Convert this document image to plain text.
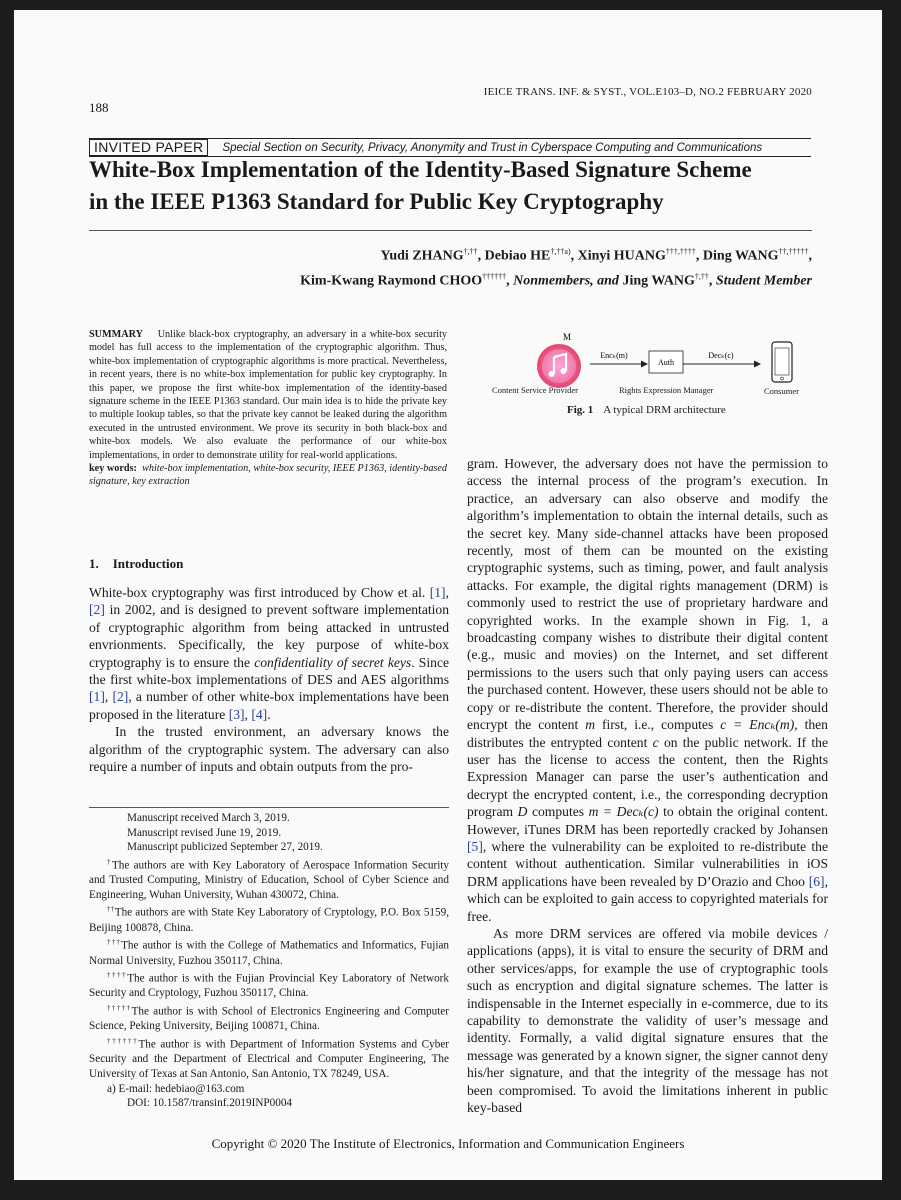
188
IEICE TRANS. INF. & SYST., VOL.E103–D, NO.2 FEBRUARY 2020
INVITED PAPER	Special Section on Security, Privacy, Anonymity and Trust in Cyberspace Computing and Communications
White-Box Implementation of the Identity-Based Signature Scheme
in the IEEE P1363 Standard for Public Key Cryptography
Yudi ZHANG†,††, Debiao $HE^{\dagger,\dagger\dagger a)}$, Xinyi HUANG†††,††††, Ding WANG††,†††††,
Kim-Kwang Raymond CHOO††††††, Nonmembers, and Jing WANG†,††, Student Member
SUMMARY Unlike black-box cryptography, an adversary in a white-box security model has full access to the implementation of the cryptographic algorithm. Thus, white-box implementation of cryptographic algorithms is more practical. Nevertheless, in recent years, there is no white-box implementation for public key cryptography. In this paper, we propose the first white-box implementation of the identity-based signature scheme in the IEEE P1363 standard. Our main idea is to hide the private key to multiple lookup tables, so that the private key cannot be leaked during the algorithm executed in the untrusted environment. We prove its security in both black-box and white-box models. We also evaluate the performance of our white-box implementations, in order to demonstrate utility for real-world applications.
key words: white-box implementation, white-box security, IEEE P1363, identity-based signature, key extraction
M
Encₖ(m)
Auth
Decₖ(c)
Content Service Provider	Rights Expression Manager	Consumer
Fig. 1 A typical DRM architecture
1. Introduction

White-box cryptography was first introduced by Chow et al. [1], [2] in 2002, and is designed to prevent software implementation of cryptographic algorithm from being attacked in untrusted envrionments. Specifically, the key purpose of white-box cryptography is to ensure the confidentiality of secret keys. Since the first white-box implementations of DES and AES algorithms [1], [2], a number of other white-box implementations have been proposed in the literature [3], [4].

In the trusted environment, an adversary knows the algorithm of the cryptographic system. The adversary can also require a number of inputs and obtain outputs from the pro-

Manuscript received March 3, 2019.

Manuscript revised June 19, 2019.

Manuscript publicized September 27, 2019.

†The authors are with Key Laboratory of Aerospace Information Security and Trusted Computing, Ministry of Education, School of Cyber Science and Engineering, Wuhan University, Wuhan 430072, China.

††The authors are with State Key Laboratory of Cryptology, P.O. Box 5159, Beijing 100878, China.

†††The author is with the College of Mathematics and Informatics, Fujian Normal University, Fuzhou 350117, China.

††††The author is with the Fujian Provincial Key Laboratory of Network Security and Cryptology, Fuzhou 350117, China.

†††††The author is with School of Electronics Engineering and Computer Science, Peking University, Beijing 100871, China.

††††††The author is with Department of Information Systems and Cyber Security and the Department of Electrical and Computer Engineering, The University of Texas at San Antonio, San Antonio, TX 78249, USA.

a) E-mail: hedebiao@163.com

DOI: 10.1587/transinf.2019INP0004

gram. However, the adversary does not have the permission to access the internal process of the program’s execution. In practice, an adversary can also observe and modify the algorithm’s implementation to obtain the internal details, such as the secret key. Many side-channel attacks have been proposed recently, most of them can be mounted on the existing cryptographic systems, such as timing, power, and fault analysis attacks. For example, the digital rights management (DRM) is commonly used to restrict the use of proprietary hardware and copyrighted works. In the example shown in Fig. 1, a broadcasting company wishes to distribute their digital content (e.g., music and movies) on the Internet, and set different permissions to the users such that only paying users can access the purchased content. However, these users should not be able to copy or re-distribute the content. Therefore, the provider should encrypt the content m first, i.e., computes c = Encₖ(m), then distributes the entrypted content c on the public network. If the user has the license to access the content, then the Rights Expression Manager can parse the user’s authentication and decrypt the encrypted content, i.e., the corresponding decryption program D computes m = Decₖ(c) to obtain the original content. However, iTunes DRM has been reportedly cracked by Johansen [5], where the vulnerability can be exploited to re-distribute the content without authentication. Similar vulnerabilities in iOS DRM applications have been revealed by D’Orazio and Choo [6], which can be exploited to gain access to copyrighted materials for free.

As more DRM services are offered via mobile devices / applications (apps), it is vital to ensure the security of DRM and other services/apps, for example the use of cryptographic tools such as encryption and digital signature schemes. The latter is indispensable in the Internet especially in e-commerce, due to its capability to demonstrate the validity of user’s message and identity. Formally, a valid digital signature ensures that the message was generated by a known signer, the signer cannot deny his/her signature, and that the integrity of the message has not been compromised. To avoid the limitations inherent in public key-based

Copyright © 2020 The Institute of Electronics, Information and Communication Engineers
